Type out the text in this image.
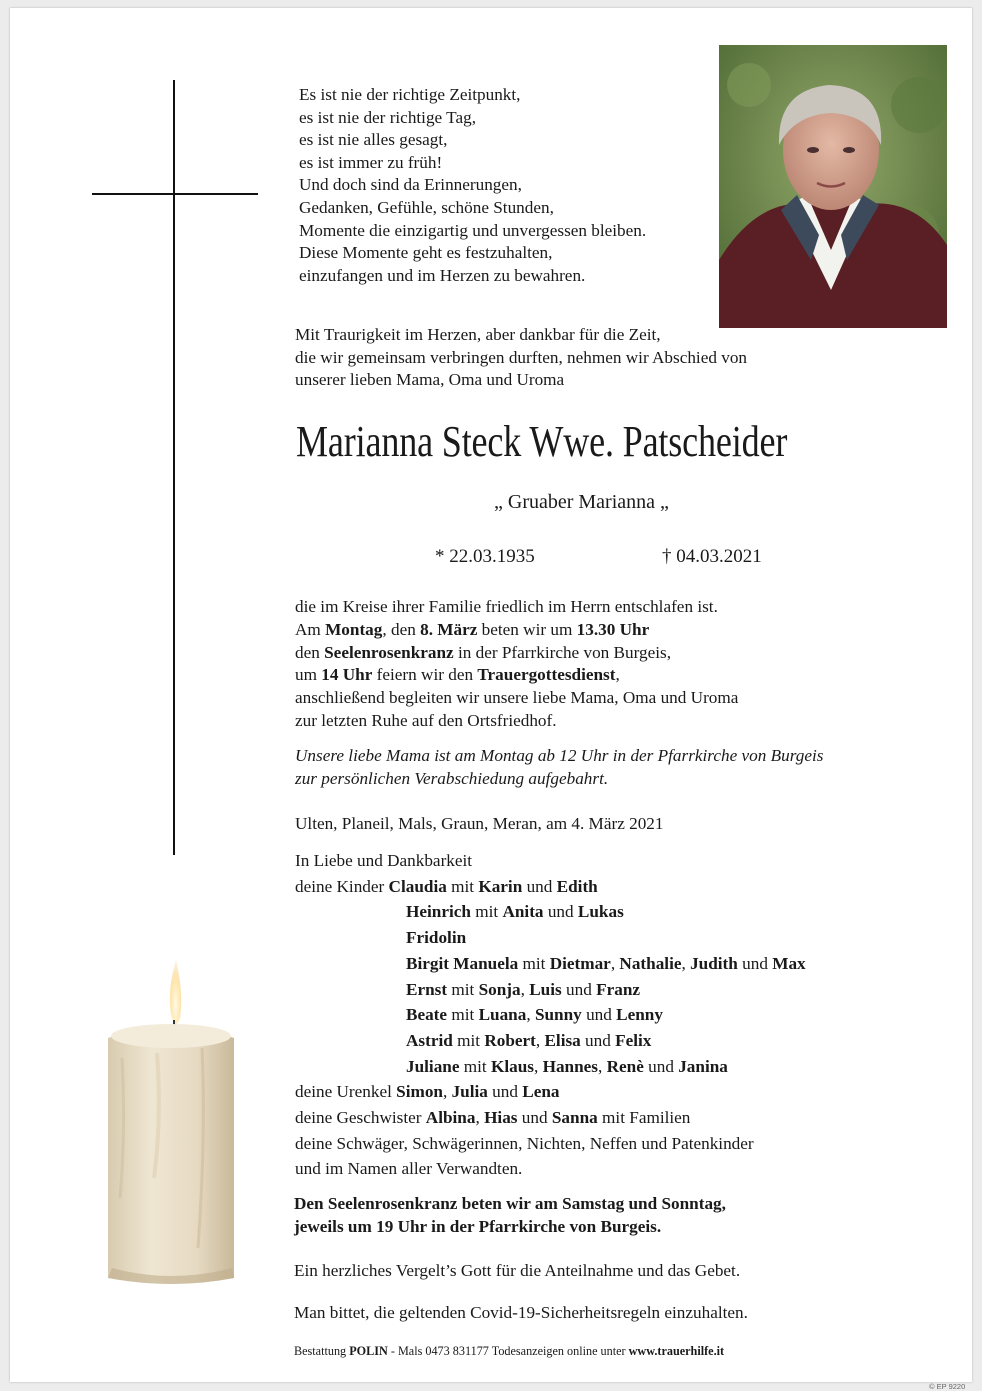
Es ist nie der richtige Zeitpunkt,
es ist nie der richtige Tag,
es ist nie alles gesagt,
es ist immer zu früh!
Und doch sind da Erinnerungen,
Gedanken, Gefühle, schöne Stunden,
Momente die einzigartig und unvergessen bleiben.
Diese Momente geht es festzuhalten,
einzufangen und im Herzen zu bewahren.
Mit Traurigkeit im Herzen, aber dankbar für die Zeit,
die wir gemeinsam verbringen durften, nehmen wir Abschied von
unserer lieben Mama, Oma und Uroma
Marianna Steck Wwe. Patscheider
„ Gruaber Marianna „
* 22.03.1935	† 04.03.2021
die im Kreise ihrer Familie friedlich im Herrn entschlafen ist.
Am Montag, den 8. März beten wir um 13.30 Uhr
den Seelenrosenkranz in der Pfarrkirche von Burgeis,
um 14 Uhr feiern wir den Trauergottesdienst,
anschließend begleiten wir unsere liebe Mama, Oma und Uroma
zur letzten Ruhe auf den Ortsfriedhof.
Unsere liebe Mama ist am Montag ab 12 Uhr in der Pfarrkirche von Burgeis
zur persönlichen Verabschiedung aufgebahrt.
Ulten, Planeil, Mals, Graun, Meran, am 4. März 2021
In Liebe und Dankbarkeit
deine Kinder Claudia mit Karin und Edith
Heinrich mit Anita und Lukas
Fridolin
Birgit Manuela mit Dietmar, Nathalie, Judith und Max
Ernst mit Sonja, Luis und Franz
Beate mit Luana, Sunny und Lenny
Astrid mit Robert, Elisa und Felix
Juliane mit Klaus, Hannes, Renè und Janina
deine Urenkel Simon, Julia und Lena
deine Geschwister Albina, Hias und Sanna mit Familien
deine Schwäger, Schwägerinnen, Nichten, Neffen und Patenkinder
und im Namen aller Verwandten.
Den Seelenrosenkranz beten wir am Samstag und Sonntag,
jeweils um 19 Uhr in der Pfarrkirche von Burgeis.
Ein herzliches Vergelt’s Gott für die Anteilnahme und das Gebet.
Man bittet, die geltenden Covid-19-Sicherheitsregeln einzuhalten.
Bestattung POLIN - Mals 0473 831177 Todesanzeigen online unter www.trauerhilfe.it
© EP 9220
